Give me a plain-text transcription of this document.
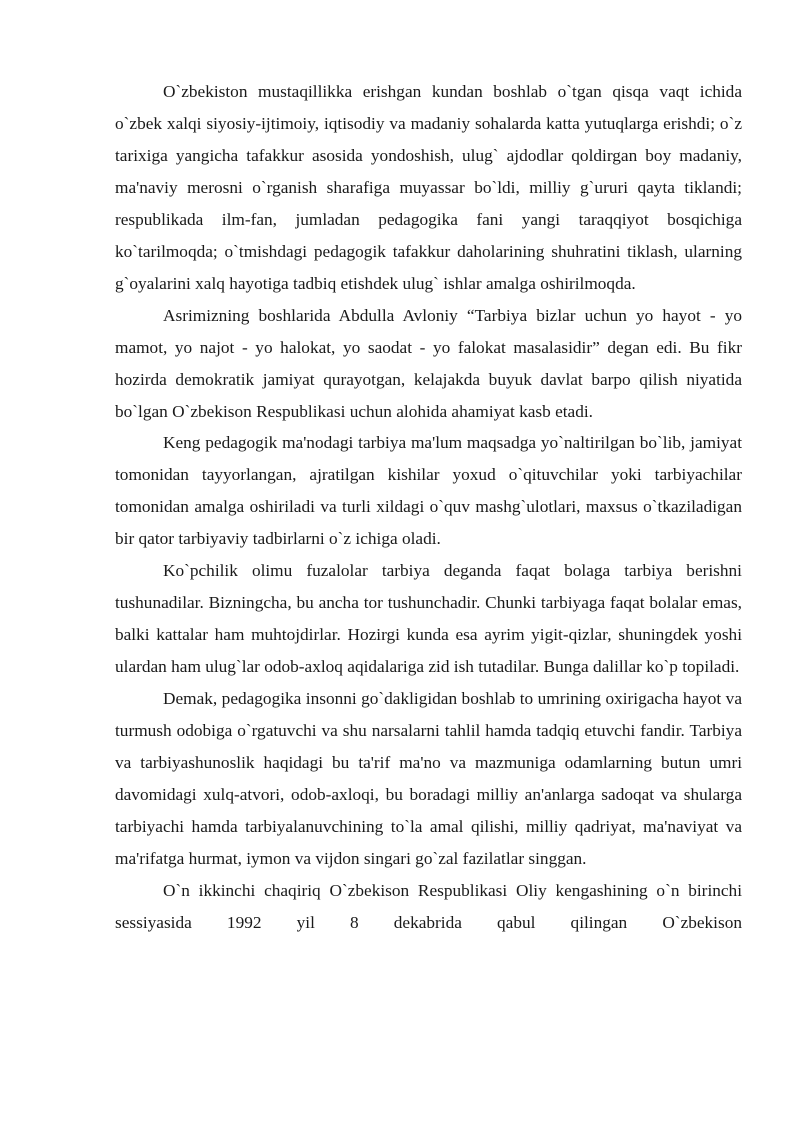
O`zbekiston mustaqillikka erishgan kundan boshlab o`tgan qisqa vaqt ichida o`zbek xalqi siyosiy-ijtimoiy, iqtisodiy va madaniy sohalarda katta yutuqlarga erishdi; o`z tarixiga yangicha tafakkur asosida yondoshish, ulug` ajdodlar qoldirgan boy madaniy, ma'naviy merosni o`rganish sharafiga muyassar bo`ldi, milliy g`ururi qayta tiklandi; respublikada ilm-fan, jumladan pedagogika fani yangi taraqqiyot bosqichiga ko`tarilmoqda; o`tmishdagi pedagogik tafakkur daholarining shuhratini tiklash, ularning g`oyalarini xalq hayotiga tadbiq etishdek ulug` ishlar amalga oshirilmoqda.

Asrimizning boshlarida Abdulla Avloniy “Tarbiya bizlar uchun yo hayot - yo mamot, yo najot - yo halokat, yo saodat - yo falokat masalasidir” degan edi. Bu fikr hozirda demokratik jamiyat qurayotgan, kelajakda buyuk davlat barpo qilish niyatida bo`lgan O`zbekison Respublikasi uchun alohida ahamiyat kasb etadi.

Keng pedagogik ma'nodagi tarbiya ma'lum maqsadga yo`naltirilgan bo`lib, jamiyat tomonidan tayyorlangan, ajratilgan kishilar yoxud o`qituvchilar yoki tarbiyachilar tomonidan amalga oshiriladi va turli xildagi o`quv mashg`ulotlari, maxsus o`tkaziladigan bir qator tarbiyaviy tadbirlarni o`z ichiga oladi.

Ko`pchilik olimu fuzalolar tarbiya deganda faqat bolaga tarbiya berishni tushunadilar. Bizningcha, bu ancha tor tushunchadir. Chunki tarbiyaga faqat bolalar emas, balki kattalar ham muhtojdirlar. Hozirgi kunda esa ayrim yigit-qizlar, shuningdek yoshi ulardan ham ulug`lar odob-axloq aqidalariga zid ish tutadilar. Bunga dalillar ko`p topiladi.

Demak, pedagogika insonni go`dakligidan boshlab to umrining oxirigacha hayot va turmush odobiga o`rgatuvchi va shu narsalarni tahlil hamda tadqiq etuvchi fandir. Tarbiya va tarbiyashunoslik haqidagi bu ta'rif ma'no va mazmuniga odamlarning butun umri davomidagi xulq-atvori, odob-axloqi, bu boradagi milliy an'anlarga sadoqat va shularga tarbiyachi hamda tarbiyalanuvchining to`la amal qilishi, milliy qadriyat, ma'naviyat va ma'rifatga hurmat, iymon va vijdon singari go`zal fazilatlar singgan.

O`n ikkinchi chaqiriq O`zbekison Respublikasi Oliy kengashining o`n birinchi sessiyasida 1992 yil 8 dekabrida qabul qilingan O`zbekison
